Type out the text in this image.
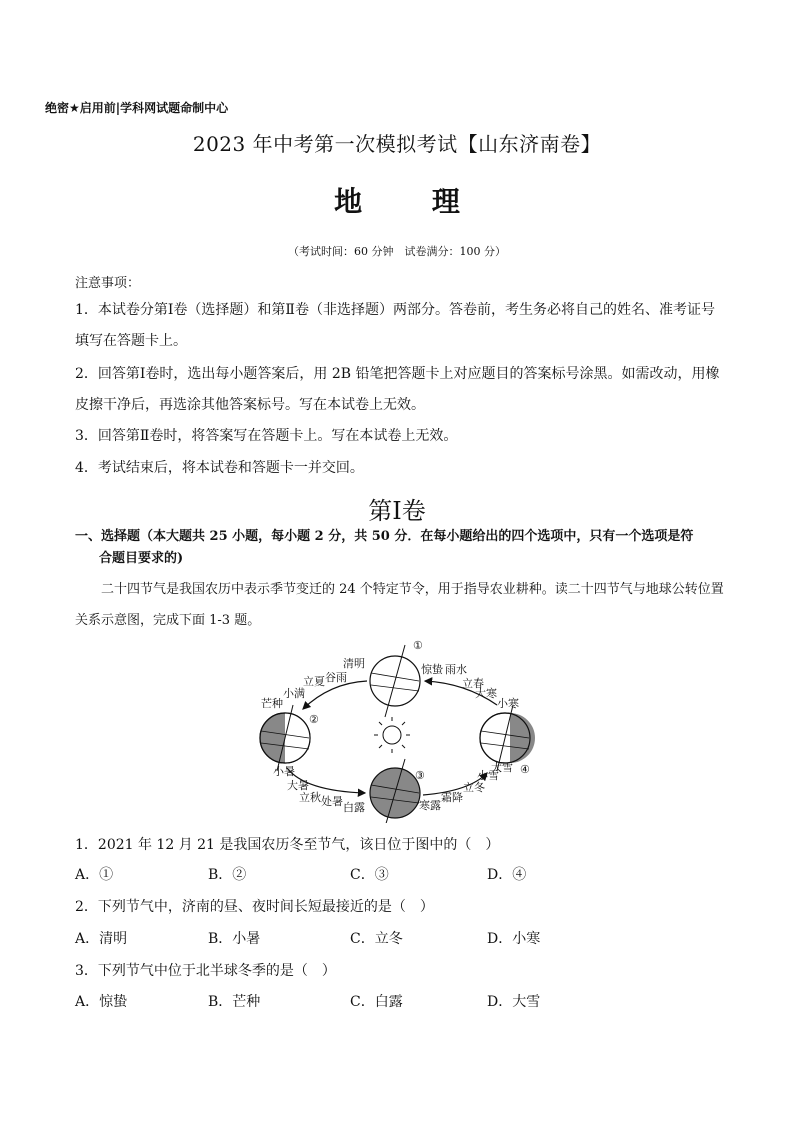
绝密★启用前|学科网试题命制中心
2023 年中考第一次模拟考试【山东济南卷】
地 理
（考试时间：60 分钟　试卷满分：100 分）
注意事项：
1．本试卷分第Ⅰ卷（选择题）和第Ⅱ卷（非选择题）两部分。答卷前，考生务必将自己的姓名、准考证号
填写在答题卡上。
2．回答第Ⅰ卷时，选出每小题答案后，用 2B 铅笔把答题卡上对应题目的答案标号涂黑。如需改动，用橡
皮擦干净后，再选涂其他答案标号。写在本试卷上无效。
3．回答第Ⅱ卷时，将答案写在答题卡上。写在本试卷上无效。
4．考试结束后，将本试卷和答题卡一并交回。
第Ⅰ卷
一、选择题（本大题共 25 小题，每小题 2 分，共 50 分．在每小题给出的四个选项中，只有一个选项是符
合题目要求的)
二十四节气是我国农历中表示季节变迁的 24 个特定节令，用于指导农业耕种。读二十四节气与地球公转位置关系示意图，完成下面 1-3 题。
①
②
③	④
清明
立夏 谷雨
小满
芒种
惊蛰 雨水
立春
大寒
小寒
小暑
大暑
立秋 处暑 白露	寒露
霜降
立冬
小雪
大雪
1．2021 年 12 月 21 是我国农历冬至节气，该日位于图中的（　）
A．①	B．②	C．③	D．④
2．下列节气中，济南的昼、夜时间长短最接近的是（　）
A．清明	B．小暑	C．立冬	D．小寒
3．下列节气中位于北半球冬季的是（　）
A．惊蛰	B．芒种	C．白露	D．大雪
